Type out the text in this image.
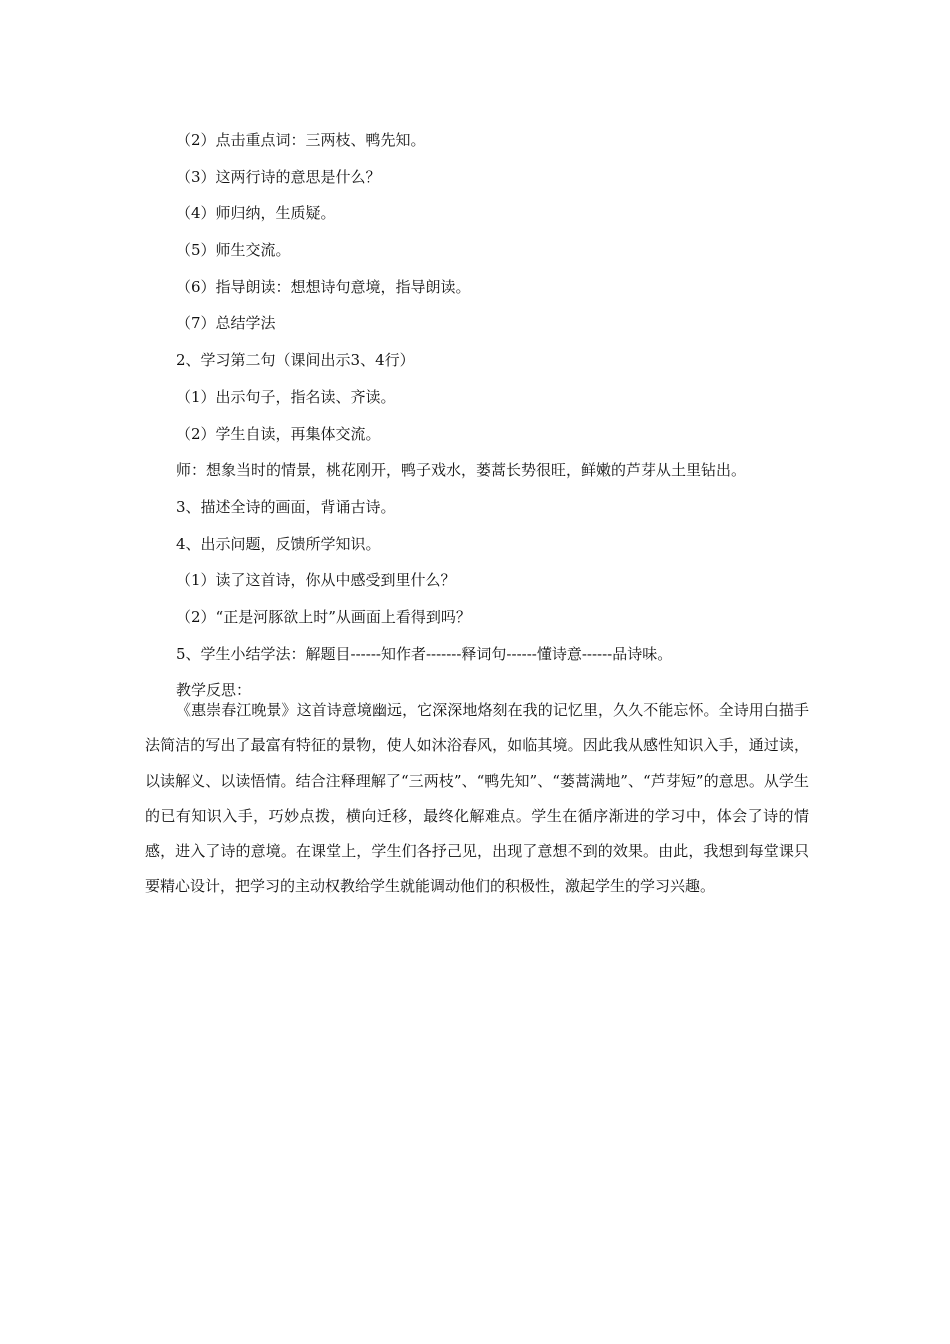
（2）点击重点词：三两枝、鸭先知。
（3）这两行诗的意思是什么？
（4）师归纳，生质疑。
（5）师生交流。
（6）指导朗读：想想诗句意境，指导朗读。
（7）总结学法
2、学习第二句（课间出示3、4行）
（1）出示句子，指名读、齐读。
（2）学生自读，再集体交流。
师：想象当时的情景，桃花刚开，鸭子戏水，蒌蒿长势很旺，鲜嫩的芦芽从土里钻出。
3、描述全诗的画面，背诵古诗。
4、出示问题，反馈所学知识。
（1）读了这首诗，你从中感受到里什么？
（2）“正是河豚欲上时”从画面上看得到吗？
5、学生小结学法：解题目------知作者-------释词句------懂诗意------品诗味。
教学反思：

《惠崇春江晚景》这首诗意境幽远，它深深地烙刻在我的记忆里，久久不能忘怀。全诗用白描手法简洁的写出了最富有特征的景物，使人如沐浴春风，如临其境。因此我从感性知识入手，通过读，以读解义、以读悟情。结合注释理解了“三两枝”、“鸭先知”、“蒌蒿满地”、“芦芽短”的意思。从学生的已有知识入手，巧妙点拨，横向迁移，最终化解难点。学生在循序渐进的学习中，体会了诗的情感，进入了诗的意境。在课堂上，学生们各抒己见，出现了意想不到的效果。由此，我想到每堂课只要精心设计，把学习的主动权教给学生就能调动他们的积极性，激起学生的学习兴趣。
